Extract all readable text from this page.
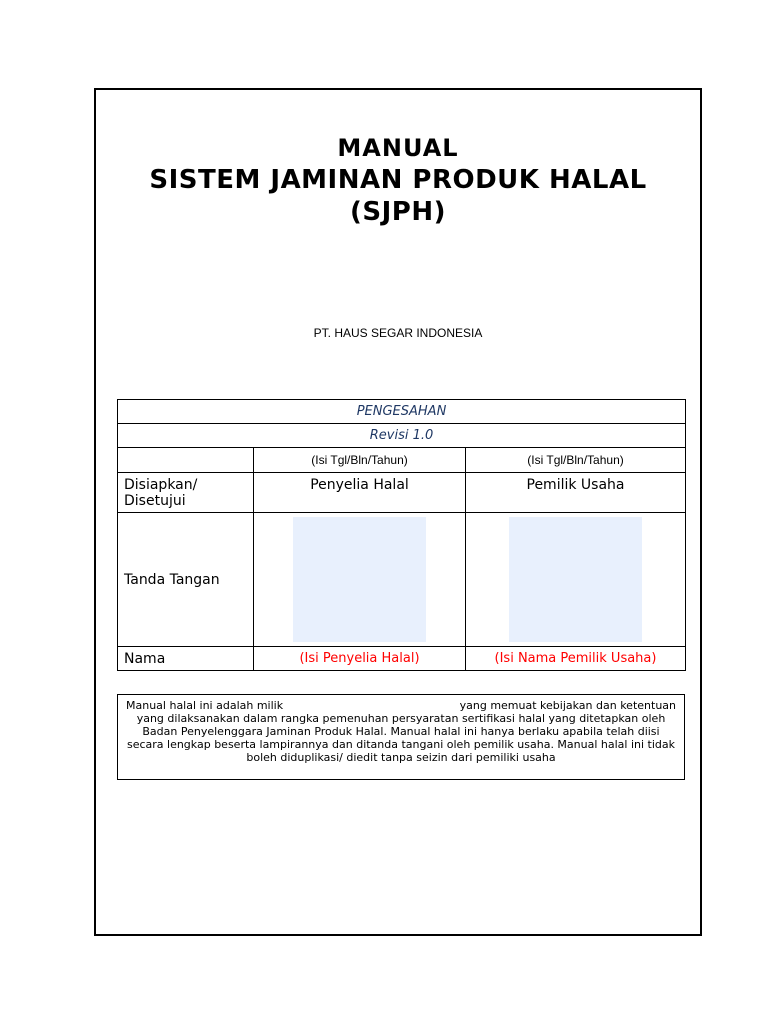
MANUAL
SISTEM JAMINAN PRODUK HALAL
(SJPH)
PT. HAUS SEGAR INDONESIA
PENGESAHAN		
Revisi 1.0		
	(Isi Tgl/Bln/Tahun)	(Isi Tgl/Bln/Tahun)
Disiapkan/ Disetujui	Penyelia Halal	Pemilik Usaha
Tanda Tangan	

Nama	(Isi Penyelia Halal)	(Isi Nama Pemilik Usaha)
Manual halal ini adalah milik	yang memuat kebijakan dan ketentuan
yang dilaksanakan dalam rangka pemenuhan persyaratan sertifikasi halal yang ditetapkan oleh Badan Penyelenggara Jaminan Produk Halal. Manual halal ini hanya berlaku apabila telah diisi secara lengkap beserta lampirannya dan ditanda tangani oleh pemilik usaha. Manual halal ini tidak boleh diduplikasi/ diedit tanpa seizin dari pemiliki usaha
